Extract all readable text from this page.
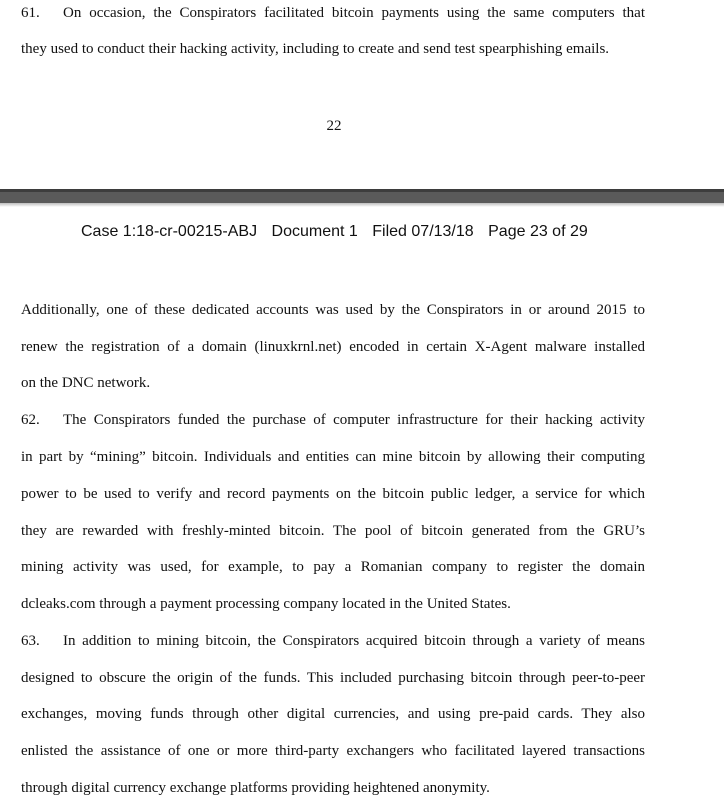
61. On occasion, the Conspirators facilitated bitcoin payments using the same computers that
they used to conduct their hacking activity, including to create and send test spearphishing emails.
22
Case 1:18-cr-00215-ABJ Document 1 Filed 07/13/18 Page 23 of 29
Additionally, one of these dedicated accounts was used by the Conspirators in or around 2015 to
renew the registration of a domain (linuxkrnl.net) encoded in certain X-Agent malware installed
on the DNC network.
62. The Conspirators funded the purchase of computer infrastructure for their hacking activity
in part by “mining” bitcoin. Individuals and entities can mine bitcoin by allowing their computing
power to be used to verify and record payments on the bitcoin public ledger, a service for which
they are rewarded with freshly-minted bitcoin. The pool of bitcoin generated from the GRU’s
mining activity was used, for example, to pay a Romanian company to register the domain
dcleaks.com through a payment processing company located in the United States.
63. In addition to mining bitcoin, the Conspirators acquired bitcoin through a variety of means
designed to obscure the origin of the funds. This included purchasing bitcoin through peer-to-peer
exchanges, moving funds through other digital currencies, and using pre-paid cards. They also
enlisted the assistance of one or more third-party exchangers who facilitated layered transactions
through digital currency exchange platforms providing heightened anonymity.
